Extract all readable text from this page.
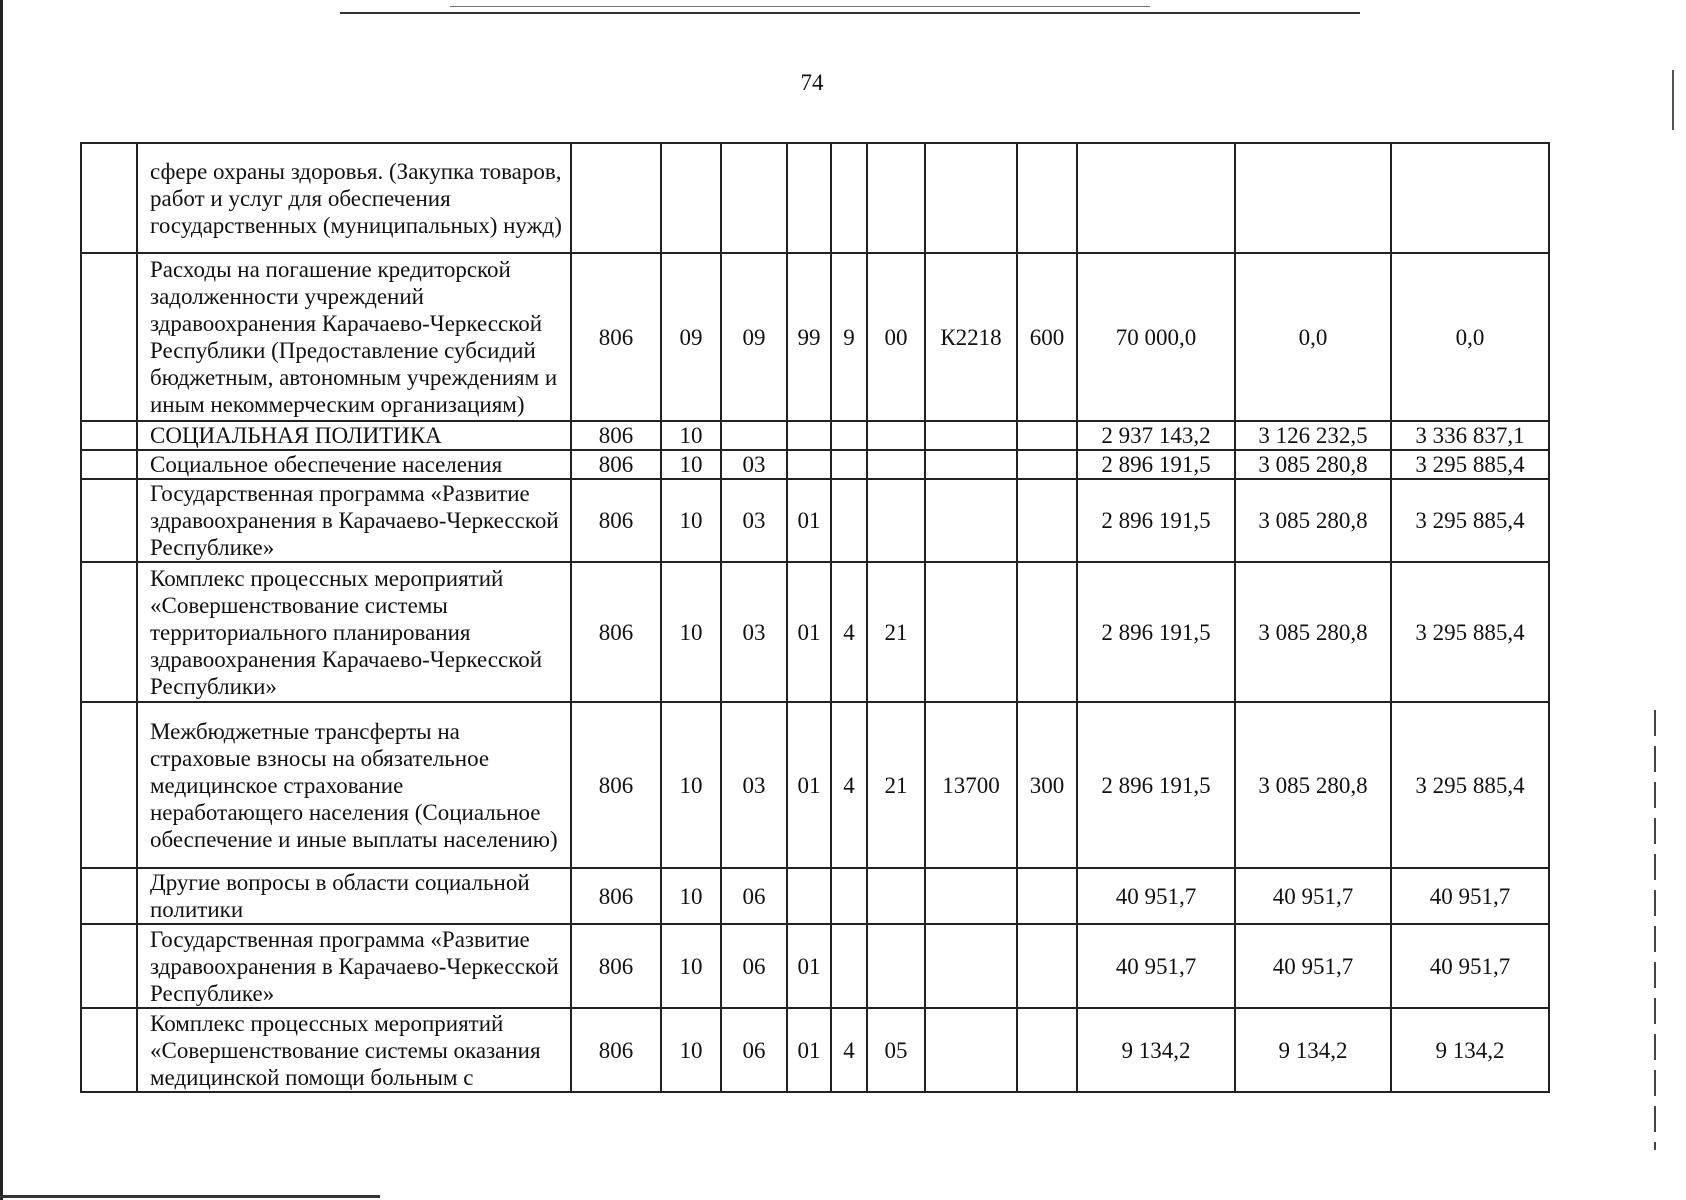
74
	сфере охраны здоровья. (Закупка товаров, работ и услуг для обеспечения государственных (муниципальных) нужд)											
	Расходы на погашение кредиторской задолженности учреждений здравоохранения Карачаево-Черкесской Республики (Предоставление субсидий бюджетным, автономным учреждениям и иным некоммерческим организациям)	806	09	09	99	9	00	К2218	600	70 000,0	0,0	0,0
	СОЦИАЛЬНАЯ ПОЛИТИКА	806	10							2 937 143,2	3 126 232,5	3 336 837,1
	Социальное обеспечение населения	806	10	03						2 896 191,5	3 085 280,8	3 295 885,4
	Государственная программа «Развитие здравоохранения в Карачаево-Черкесской Республике»	806	10	03	01					2 896 191,5	3 085 280,8	3 295 885,4
	Комплекс процессных мероприятий «Совершенствование системы территориального планирования здравоохранения Карачаево-Черкесской Республики»	806	10	03	01	4	21			2 896 191,5	3 085 280,8	3 295 885,4
	Межбюджетные трансферты на страховые взносы на обязательное медицинское страхование неработающего населения (Социальное обеспечение и иные выплаты населению)	806	10	03	01	4	21	13700	300	2 896 191,5	3 085 280,8	3 295 885,4
	Другие вопросы в области социальной политики	806	10	06						40 951,7	40 951,7	40 951,7
	Государственная программа «Развитие здравоохранения в Карачаево-Черкесской Республике»	806	10	06	01					40 951,7	40 951,7	40 951,7
	Комплекс процессных мероприятий «Совершенствование системы оказания медицинской помощи больным с	806	10	06	01	4	05			9 134,2	9 134,2	9 134,2
